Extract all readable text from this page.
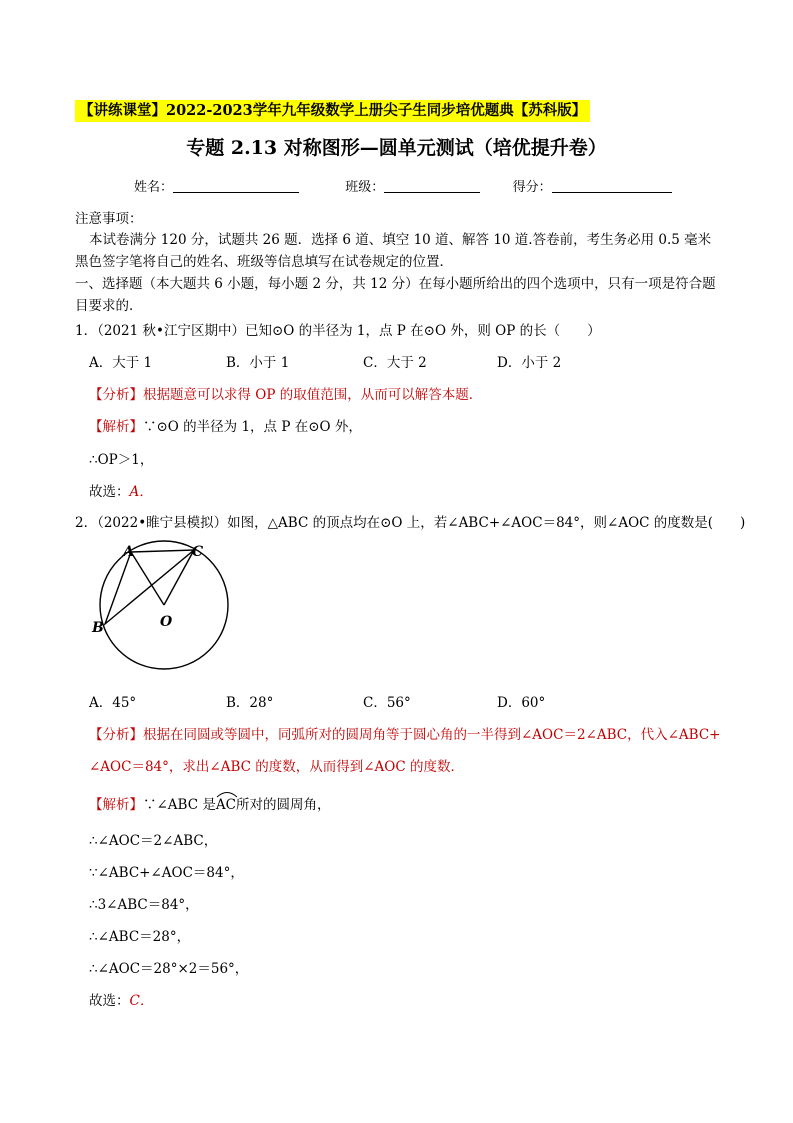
【讲练课堂】2022-2023学年九年级数学上册尖子生同步培优题典【苏科版】
专题 2.13 对称图形—圆单元测试（培优提升卷）
姓名：	班级：	得分：
注意事项：
本试卷满分 120 分，试题共 26 题．选择 6 道、填空 10 道、解答 10 道.答卷前，考生务必用 0.5 毫米
黑色签字笔将自己的姓名、班级等信息填写在试卷规定的位置．
一、选择题（本大题共 6 小题，每小题 2 分，共 12 分）在每小题所给出的四个选项中，只有一项是符合题
目要求的．
1．（2021 秋•江宁区期中）已知⊙O 的半径为 1，点 P 在⊙O 外，则 OP 的长（　　）
A．大于 1	B．小于 1	C．大于 2	D．小于 2
【分析】根据题意可以求得 OP 的取值范围，从而可以解答本题．
【解析】∵⊙O 的半径为 1，点 P 在⊙O 外，
∴OP＞1，
故选：A．
2．（2022•睢宁县模拟）如图，△ABC 的顶点均在⊙O 上，若∠ABC+∠AOC＝84°，则∠AOC 的度数是(　　)
A	C
B	O
A．45°	B．28°	C．56°	D．60°
【分析】根据在同圆或等圆中，同弧所对的圆周角等于圆心角的一半得到∠AOC＝2∠ABC，代入∠ABC+
∠AOC＝84°，求出∠ABC 的度数，从而得到∠AOC 的度数．
【解析】∵∠ABC 是
AC所对的圆周角，
∴∠AOC＝2∠ABC，
∵∠ABC+∠AOC＝84°，
∴3∠ABC＝84°，
∴∠ABC＝28°，
∴∠AOC＝28°×2＝56°，
故选：C．
